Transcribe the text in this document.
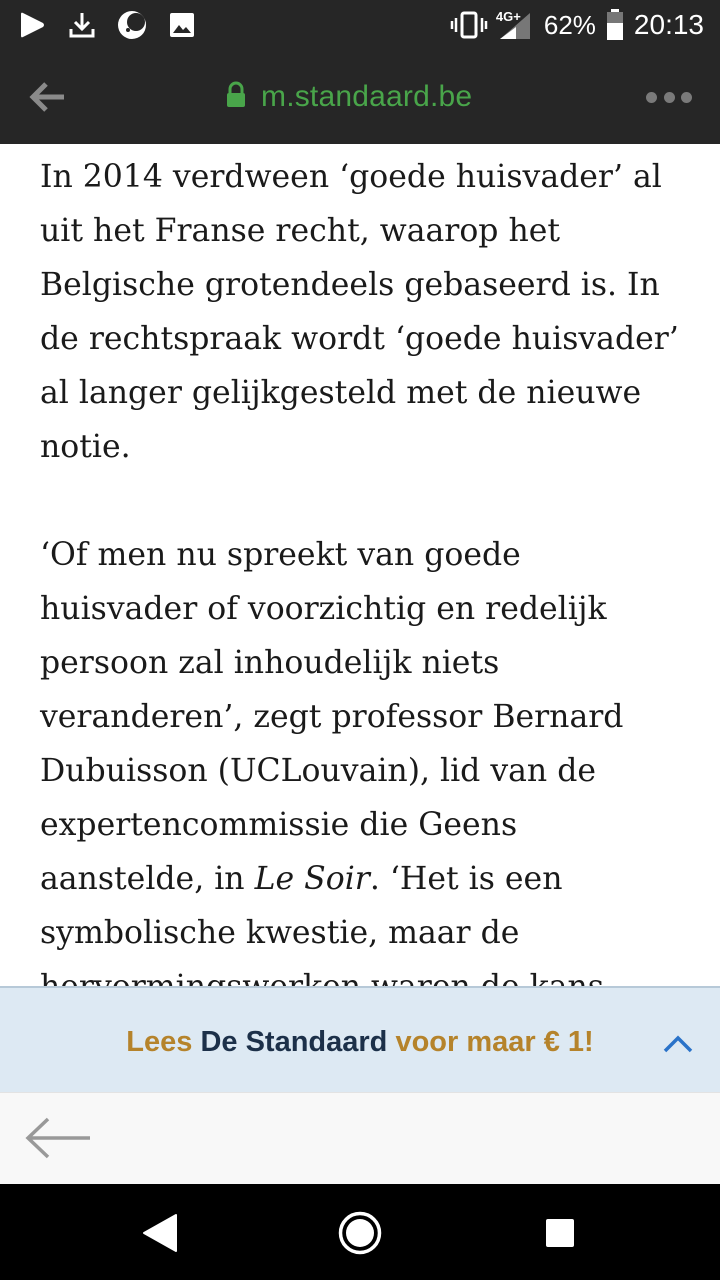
4G+ 62% 20:13
m.standaard.be

In 2014 verdween ‘goede huisvader’ al uit het Franse recht, waarop het Belgische grotendeels gebaseerd is. In de rechtspraak wordt ‘goede huisvader’ al langer gelijkgesteld met de nieuwe notie.

‘Of men nu spreekt van goede huisvader of voorzichtig en redelijk persoon zal inhoudelijk niets veranderen’, zegt professor Bernard Dubuisson (UCLouvain), lid van de expertencommissie die Geens aanstelde, in Le Soir. ‘Het is een symbolische kwestie, maar de

Lees De Standaard voor maar € 1!
